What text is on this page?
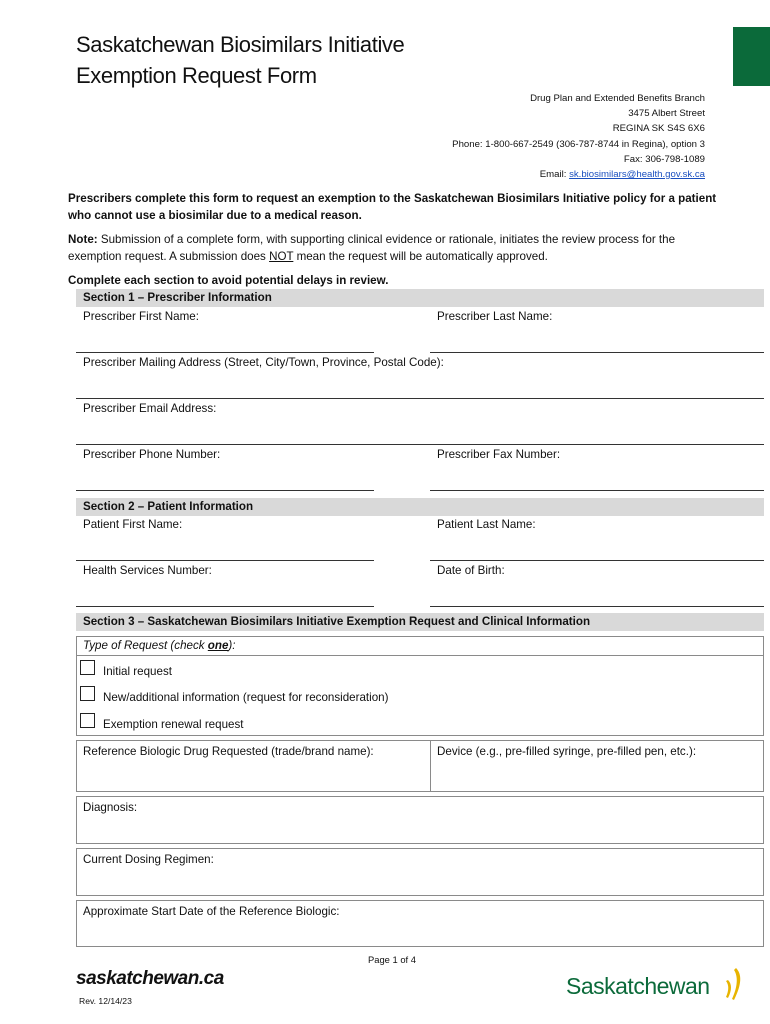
Saskatchewan Biosimilars Initiative
Exemption Request Form
Drug Plan and Extended Benefits Branch
3475 Albert Street
REGINA SK S4S 6X6
Phone: 1-800-667-2549 (306-787-8744 in Regina), option 3
Fax: 306-798-1089
Email: sk.biosimilars@health.gov.sk.ca
Prescribers complete this form to request an exemption to the Saskatchewan Biosimilars Initiative policy for a patient who cannot use a biosimilar due to a medical reason.
Note: Submission of a complete form, with supporting clinical evidence or rationale, initiates the review process for the exemption request. A submission does NOT mean the request will be automatically approved.
Complete each section to avoid potential delays in review.
Section 1 – Prescriber Information
Prescriber First Name:	Prescriber Last Name:
Prescriber Mailing Address (Street, City/Town, Province, Postal Code):
Prescriber Email Address:
Prescriber Phone Number:	Prescriber Fax Number:
Section 2 – Patient Information
Patient First Name:	Patient Last Name:
Health Services Number:	Date of Birth:
Section 3 – Saskatchewan Biosimilars Initiative Exemption Request and Clinical Information
Type of Request (check one):
Initial request
New/additional information (request for reconsideration)
Exemption renewal request
Reference Biologic Drug Requested (trade/brand name):	Device (e.g., pre-filled syringe, pre-filled pen, etc.):
Diagnosis:
Current Dosing Regimen:
Approximate Start Date of the Reference Biologic:
Page 1 of 4
saskatchewan.ca
Rev. 12/14/23
Saskatchewan
